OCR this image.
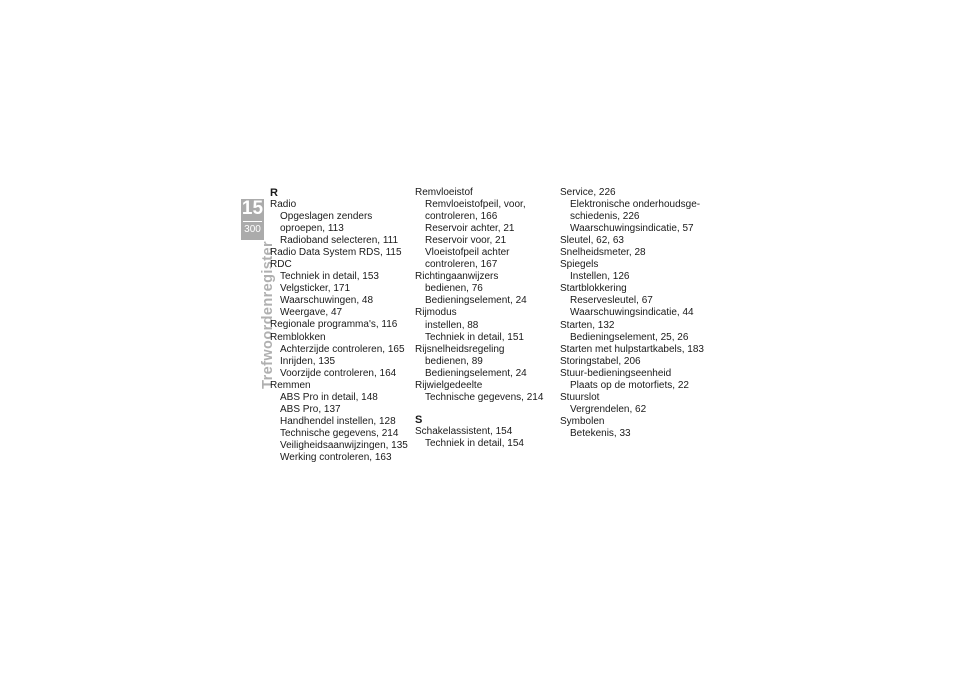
15
300
Trefwoordenregister
R
Radio
Opgeslagen zenders
oproepen, 113
Radioband selecteren, 111
Radio Data System RDS, 115
RDC
Techniek in detail, 153
Velgsticker, 171
Waarschuwingen, 48
Weergave, 47
Regionale programma's, 116
Remblokken
Achterzijde controleren, 165
Inrijden, 135
Voorzijde controleren, 164
Remmen
ABS Pro in detail, 148
ABS Pro, 137
Handhendel instellen, 128
Technische gegevens, 214
Veiligheidsaanwijzingen, 135
Werking controleren, 163
Remvloeistof
Remvloeistofpeil, voor,
controleren, 166
Reservoir achter, 21
Reservoir voor, 21
Vloeistofpeil achter
controleren, 167
Richtingaanwijzers
bedienen, 76
Bedieningselement, 24
Rijmodus
instellen, 88
Techniek in detail, 151
Rijsnelheidsregeling
bedienen, 89
Bedieningselement, 24
Rijwielgedeelte
Technische gegevens, 214
S
Schakelassistent, 154
Techniek in detail, 154
Service, 226
Elektronische onderhoudsge-
schiedenis, 226
Waarschuwingsindicatie, 57
Sleutel, 62, 63
Snelheidsmeter, 28
Spiegels
Instellen, 126
Startblokkering
Reservesleutel, 67
Waarschuwingsindicatie, 44
Starten, 132
Bedieningselement, 25, 26
Starten met hulpstartkabels, 183
Storingstabel, 206
Stuur-bedieningseenheid
Plaats op de motorfiets, 22
Stuurslot
Vergrendelen, 62
Symbolen
Betekenis, 33
